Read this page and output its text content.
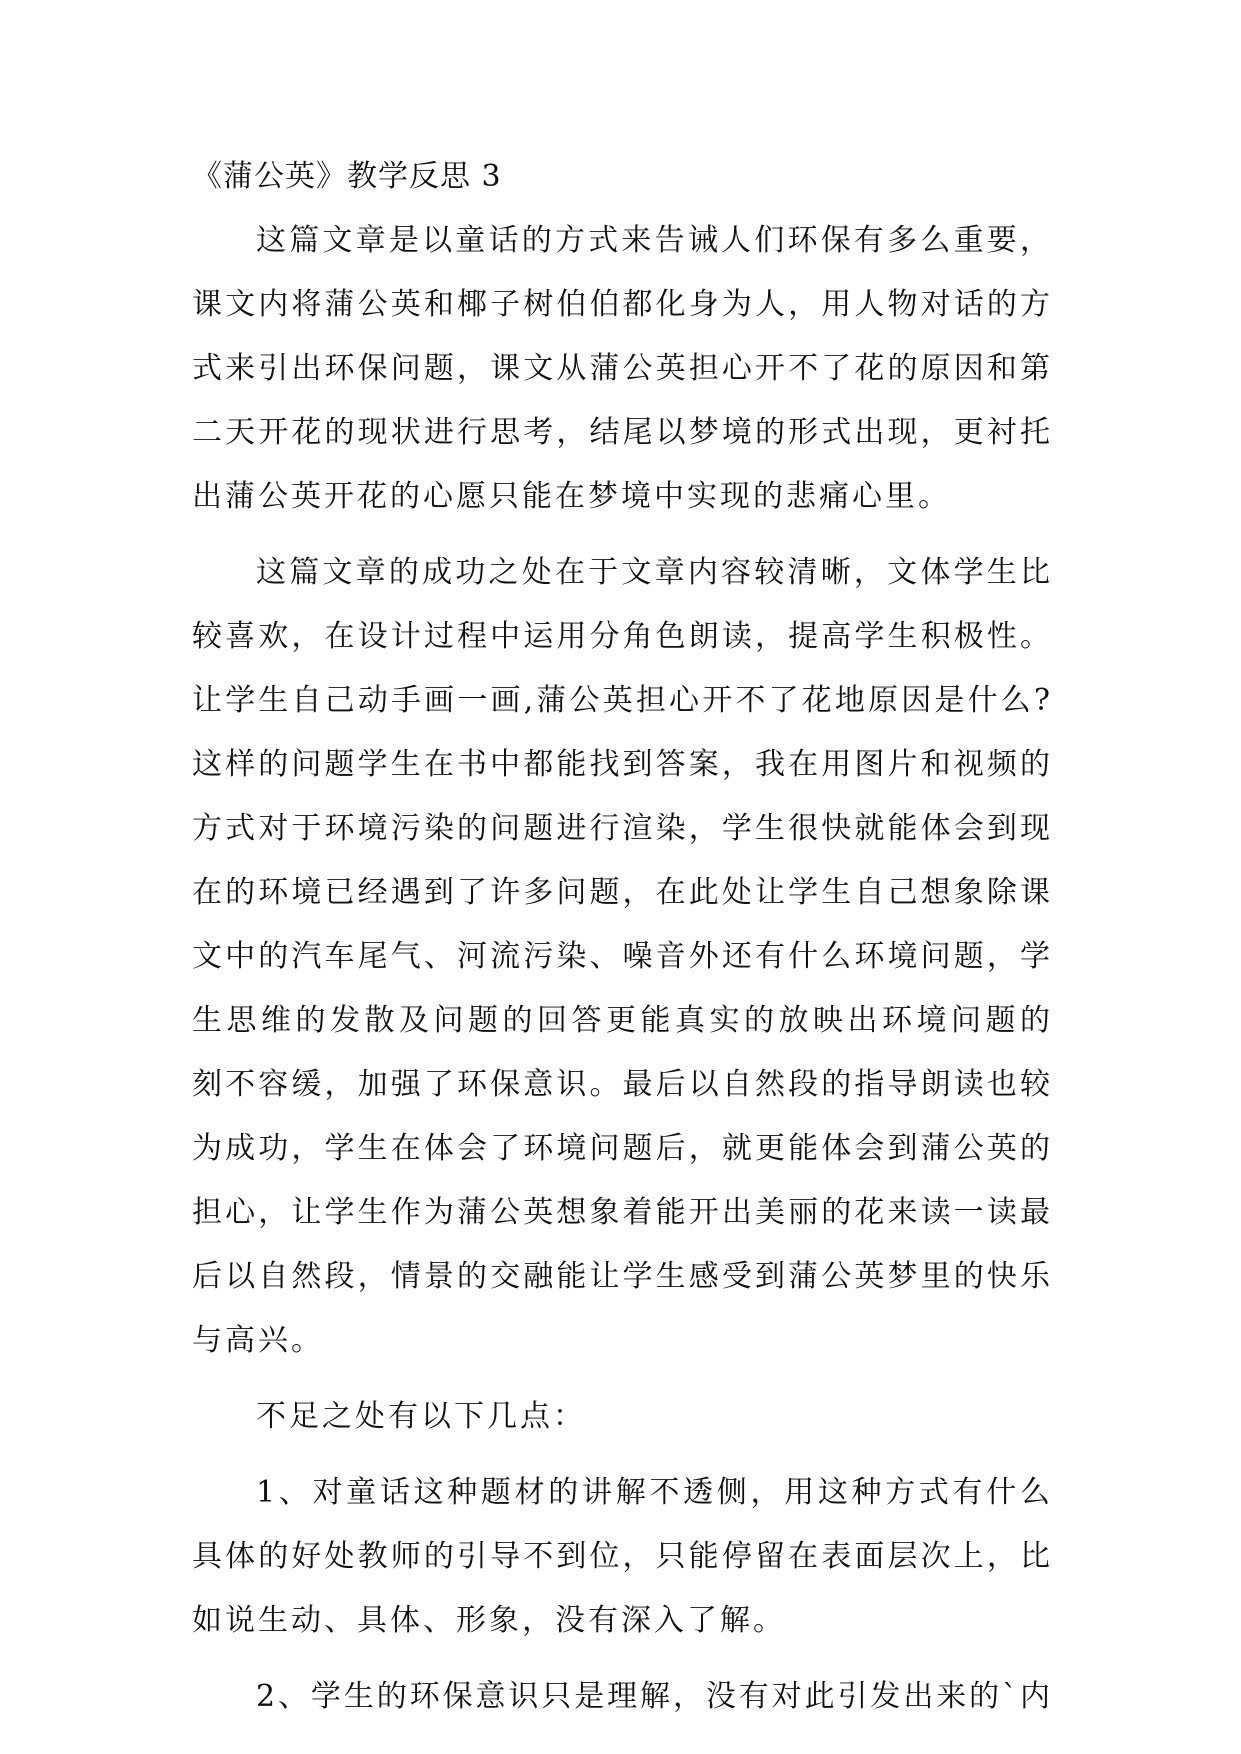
《蒲公英》教学反思 3
这篇文章是以童话的方式来告诫人们环保有多么重要，
课文内将蒲公英和椰子树伯伯都化身为人，用人物对话的方
式来引出环保问题，课文从蒲公英担心开不了花的原因和第
二天开花的现状进行思考，结尾以梦境的形式出现，更衬托
出蒲公英开花的心愿只能在梦境中实现的悲痛心里。
这篇文章的成功之处在于文章内容较清晰，文体学生比
较喜欢，在设计过程中运用分角色朗读，提高学生积极性。
让学生自己动手画一画,蒲公英担心开不了花地原因是什么?
这样的问题学生在书中都能找到答案，我在用图片和视频的
方式对于环境污染的问题进行渲染，学生很快就能体会到现
在的环境已经遇到了许多问题，在此处让学生自己想象除课
文中的汽车尾气、河流污染、噪音外还有什么环境问题，学
生思维的发散及问题的回答更能真实的放映出环境问题的
刻不容缓，加强了环保意识。最后以自然段的指导朗读也较
为成功，学生在体会了环境问题后，就更能体会到蒲公英的
担心，让学生作为蒲公英想象着能开出美丽的花来读一读最
后以自然段，情景的交融能让学生感受到蒲公英梦里的快乐
与高兴。
不足之处有以下几点：
1、对童话这种题材的讲解不透侧，用这种方式有什么
具体的好处教师的引导不到位，只能停留在表面层次上，比
如说生动、具体、形象，没有深入了解。
2、学生的环保意识只是理解，没有对此引发出来的`内
